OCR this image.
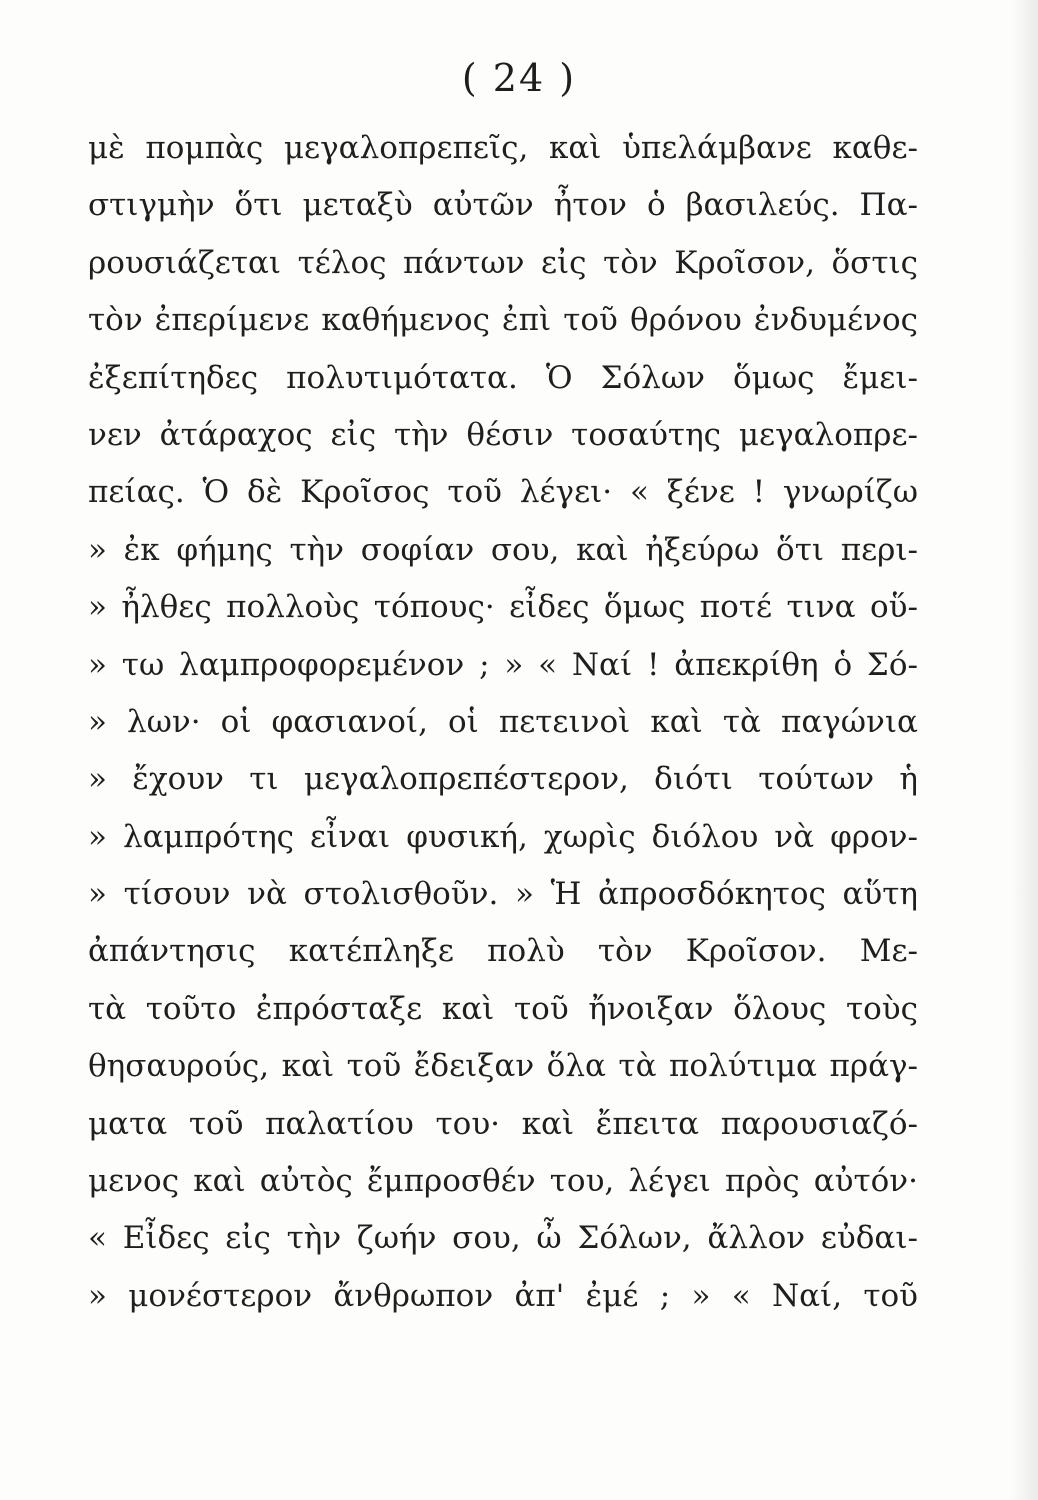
( 24 )
μὲ πομπὰς μεγαλοπρεπεῖς, καὶ ὑπελάμβανε καθε-
στιγμὴν ὅτι μεταξὺ αὐτῶν ἦτον ὁ βασιλεύς. Πα-
ρουσιάζεται τέλος πάντων εἰς τὸν Κροῖσον, ὅστις
τὸν ἐπερίμενε καθήμενος ἐπὶ τοῦ θρόνου ἐνδυμένος
ἐξεπίτηδες πολυτιμότατα. Ὁ Σόλων ὅμως ἔμει-
νεν ἀτάραχος εἰς τὴν θέσιν τοσαύτης μεγαλοπρε-
πείας. Ὁ δὲ Κροῖσος τοῦ λέγει· « ξένε ! γνωρίζω
» ἐκ φήμης τὴν σοφίαν σου, καὶ ἠξεύρω ὅτι περι-
» ἦλθες πολλοὺς τόπους· εἶδες ὅμως ποτέ τινα οὕ-
» τω λαμπροφορεμένον ; » « Ναί ! ἀπεκρίθη ὁ Σό-
» λων· οἱ φασιανοί, οἱ πετεινοὶ καὶ τὰ παγώνια
» ἔχουν τι μεγαλοπρεπέστερον, διότι τούτων ἡ
» λαμπρότης εἶναι φυσική, χωρὶς διόλου νὰ φρον-
» τίσουν νὰ στολισθοῦν. » Ἡ ἀπροσδόκητος αὕτη
ἀπάντησις κατέπληξε πολὺ τὸν Κροῖσον. Με-
τὰ τοῦτο ἐπρόσταξε καὶ τοῦ ἤνοιξαν ὅλους τοὺς
θησαυρούς, καὶ τοῦ ἔδειξαν ὅλα τὰ πολύτιμα πράγ-
ματα τοῦ παλατίου του· καὶ ἔπειτα παρουσιαζό-
μενος καὶ αὐτὸς ἔμπροσθέν του, λέγει πρὸς αὐτόν·
« Εἶδες εἰς τὴν ζωήν σου, ὦ Σόλων, ἄλλον εὐδαι-
» μονέστερον ἄνθρωπον ἀπ' ἐμέ ; » « Ναί, τοῦ
